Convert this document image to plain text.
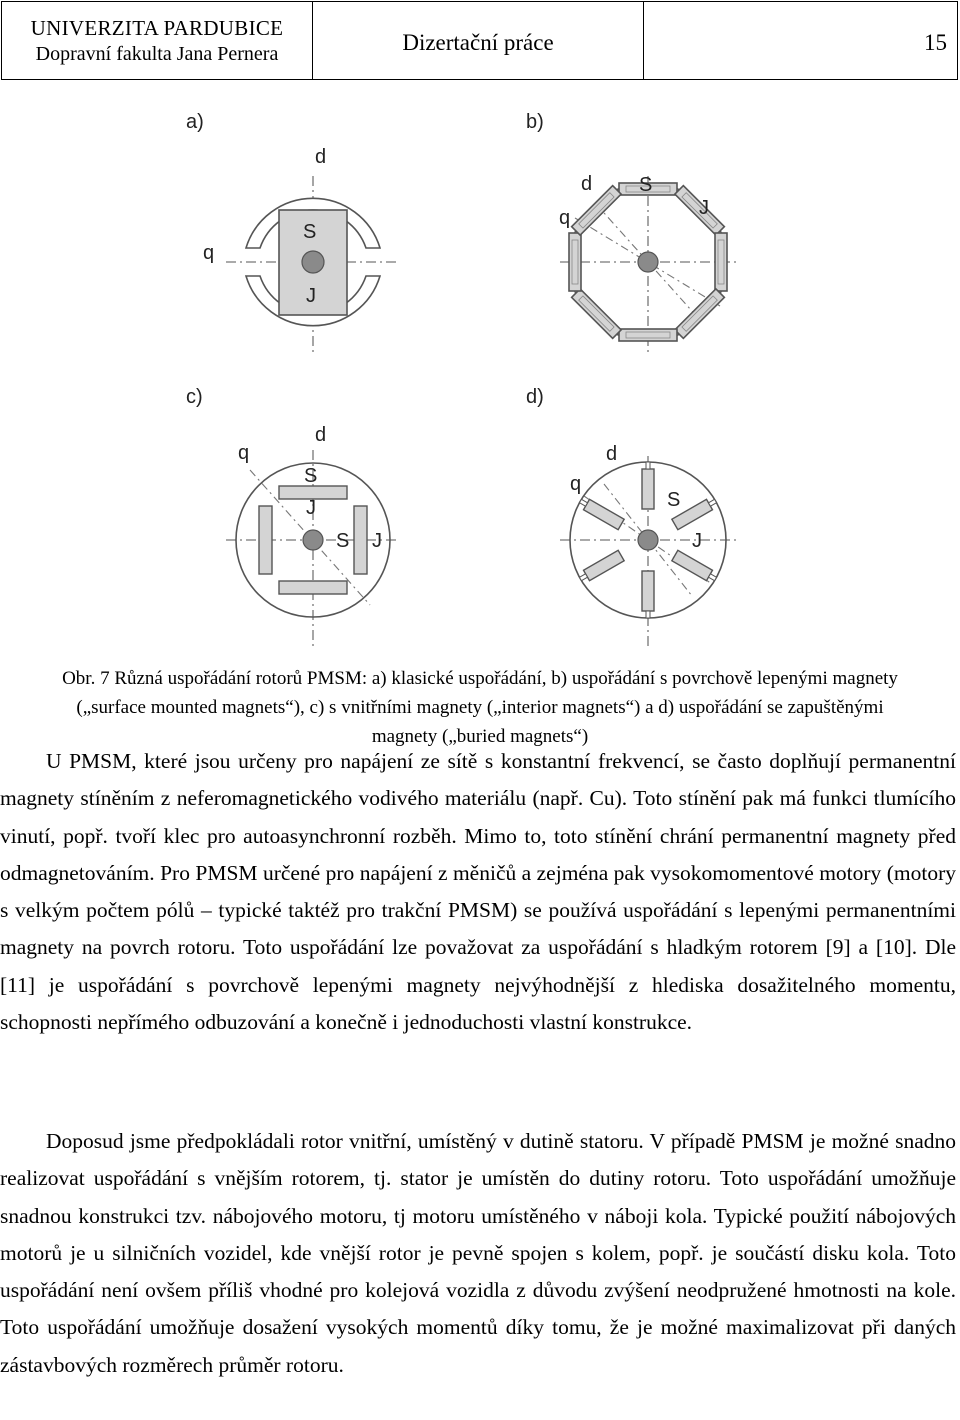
UNIVERZITA PARDUBICE
Dopravní fakulta Jana Pernera	Dizertační práce	15
a)
d
q
S
J
b)
d
q
S
J
c)
d
q
S
J
S J
d)
d
q
S
J
Obr. 7 Různá uspořádání rotorů PMSM: a) klasické uspořádání, b) uspořádání s povrchově lepenými magnety
(„surface mounted magnets“), c) s vnitřními magnety („interior magnets“) a d) uspořádání se zapuštěnými
magnety („buried magnets“)

U PMSM, které jsou určeny pro napájení ze sítě s konstantní frekvencí, se často doplňují permanentní magnety stíněním z neferomagnetického vodivého materiálu (např. Cu). Toto stínění pak má funkci tlumícího vinutí, popř. tvoří klec pro autoasynchronní rozběh. Mimo to, toto stínění chrání permanentní magnety před odmagnetováním. Pro PMSM určené pro napájení z měničů a zejména pak vysokomomentové motory (motory s velkým počtem pólů – typické taktéž pro trakční PMSM) se používá uspořádání s lepenými permanentními magnety na povrch rotoru. Toto uspořádání lze považovat za uspořádání s hladkým rotorem [9] a [10]. Dle [11] je uspořádání s povrchově lepenými magnety nejvýhodnější z hlediska dosažitelného momentu, schopnosti nepřímého odbuzování a konečně i jednoduchosti vlastní konstrukce.

Doposud jsme předpokládali rotor vnitřní, umístěný v dutině statoru. V případě PMSM je možné snadno realizovat uspořádání s vnějším rotorem, tj. stator je umístěn do dutiny rotoru. Toto uspořádání umožňuje snadnou konstrukci tzv. nábojového motoru, tj motoru umístěného v náboji kola. Typické použití nábojových motorů je u silničních vozidel, kde vnější rotor je pevně spojen s kolem, popř. je součástí disku kola. Toto uspořádání není ovšem příliš vhodné pro kolejová vozidla z důvodu zvýšení neodpružené hmotnosti na kole. Toto uspořádání umožňuje dosažení vysokých momentů díky tomu, že je možné maximalizovat při daných zástavbových rozměrech průměr rotoru.
